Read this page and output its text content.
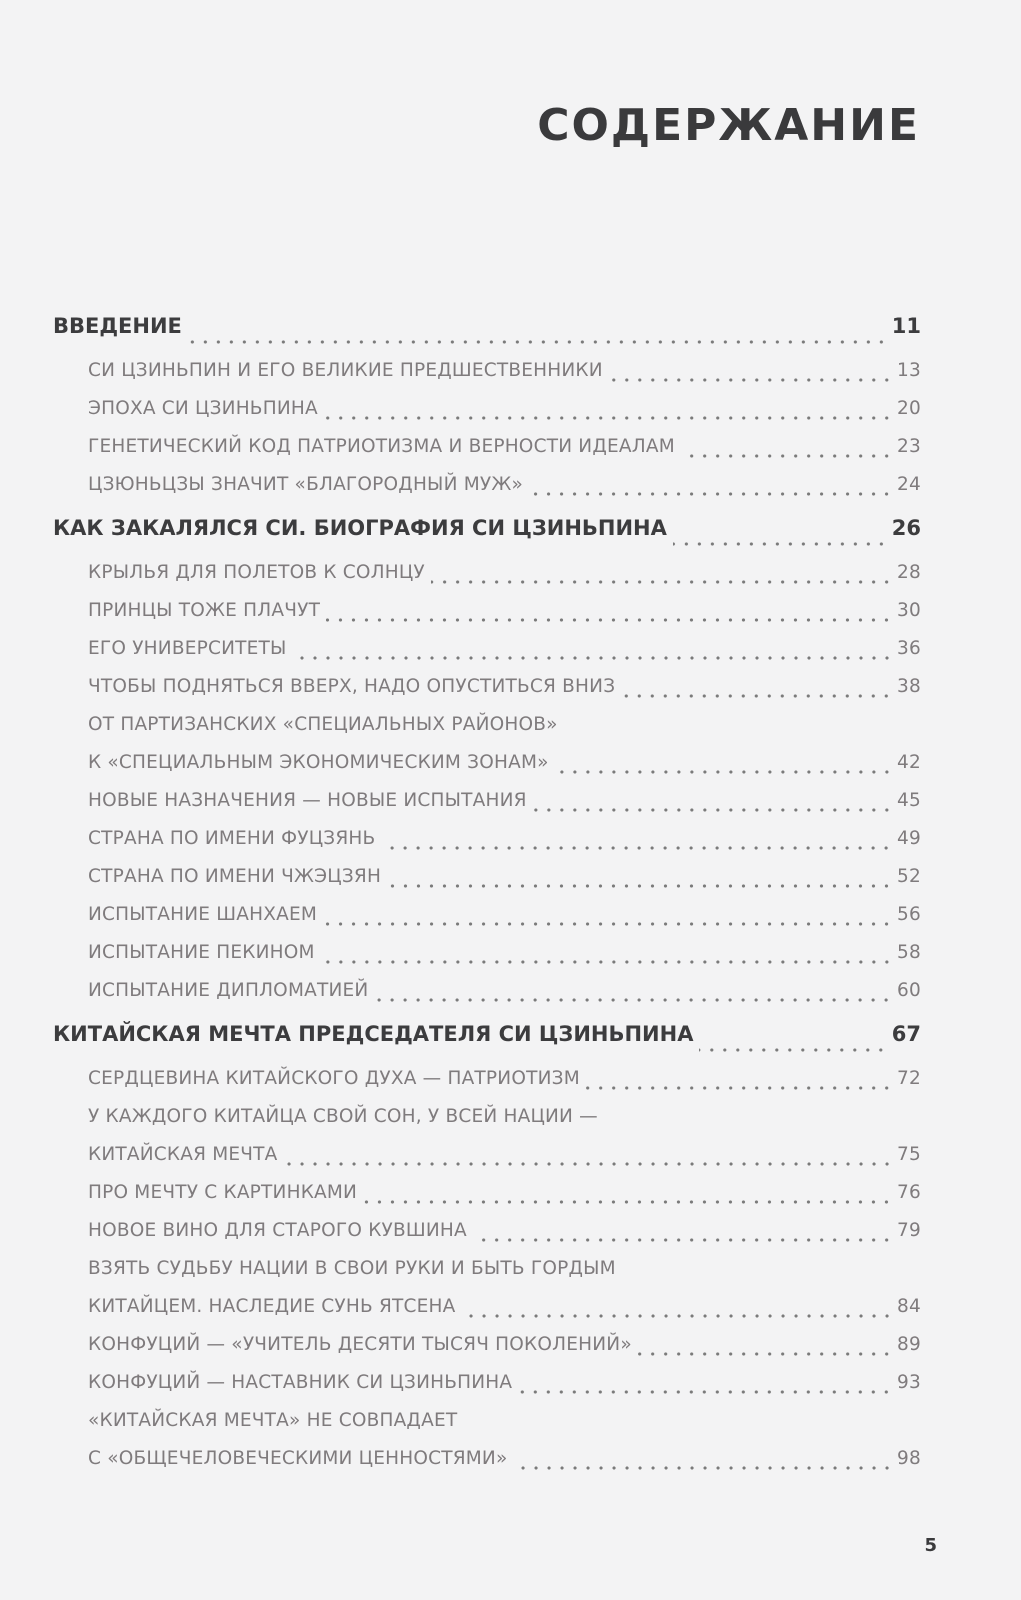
СОДЕРЖАНИЕ
ВВЕДЕНИЕ	11
СИ ЦЗИНЬПИН И ЕГО ВЕЛИКИЕ ПРЕДШЕСТВЕННИКИ	13
ЭПОХА СИ ЦЗИНЬПИНА	20
ГЕНЕТИЧЕСКИЙ КОД ПАТРИОТИЗМА И ВЕРНОСТИ ИДЕАЛАМ	23
ЦЗЮНЬЦЗЫ ЗНАЧИТ «БЛАГОРОДНЫЙ МУЖ»	24
КАК ЗАКАЛЯЛСЯ СИ. БИОГРАФИЯ СИ ЦЗИНЬПИНА	26
КРЫЛЬЯ ДЛЯ ПОЛЕТОВ К СОЛНЦУ	28
ПРИНЦЫ ТОЖЕ ПЛАЧУТ	30
ЕГО УНИВЕРСИТЕТЫ	36
ЧТОБЫ ПОДНЯТЬСЯ ВВЕРХ, НАДО ОПУСТИТЬСЯ ВНИЗ	38
ОТ ПАРТИЗАНСКИХ «СПЕЦИАЛЬНЫХ РАЙОНОВ»
К «СПЕЦИАЛЬНЫМ ЭКОНОМИЧЕСКИМ ЗОНАМ»	42
НОВЫЕ НАЗНАЧЕНИЯ — НОВЫЕ ИСПЫТАНИЯ	45
СТРАНА ПО ИМЕНИ ФУЦЗЯНЬ	49
СТРАНА ПО ИМЕНИ ЧЖЭЦЗЯН	52
ИСПЫТАНИЕ ШАНХАЕМ	56
ИСПЫТАНИЕ ПЕКИНОМ	58
ИСПЫТАНИЕ ДИПЛОМАТИЕЙ	60
КИТАЙСКАЯ МЕЧТА ПРЕДСЕДАТЕЛЯ СИ ЦЗИНЬПИНА	67
СЕРДЦЕВИНА КИТАЙСКОГО ДУХА — ПАТРИОТИЗМ	72
У КАЖДОГО КИТАЙЦА СВОЙ СОН, У ВСЕЙ НАЦИИ —
КИТАЙСКАЯ МЕЧТА	75
ПРО МЕЧТУ С КАРТИНКАМИ	76
НОВОЕ ВИНО ДЛЯ СТАРОГО КУВШИНА	79
ВЗЯТЬ СУДЬБУ НАЦИИ В СВОИ РУКИ И БЫТЬ ГОРДЫМ
КИТАЙЦЕМ. НАСЛЕДИЕ СУНЬ ЯТСЕНА	84
КОНФУЦИЙ — «УЧИТЕЛЬ ДЕСЯТИ ТЫСЯЧ ПОКОЛЕНИЙ»	89
КОНФУЦИЙ — НАСТАВНИК СИ ЦЗИНЬПИНА	93
«КИТАЙСКАЯ МЕЧТА» НЕ СОВПАДАЕТ
С «ОБЩЕЧЕЛОВЕЧЕСКИМИ ЦЕННОСТЯМИ»	98
5
